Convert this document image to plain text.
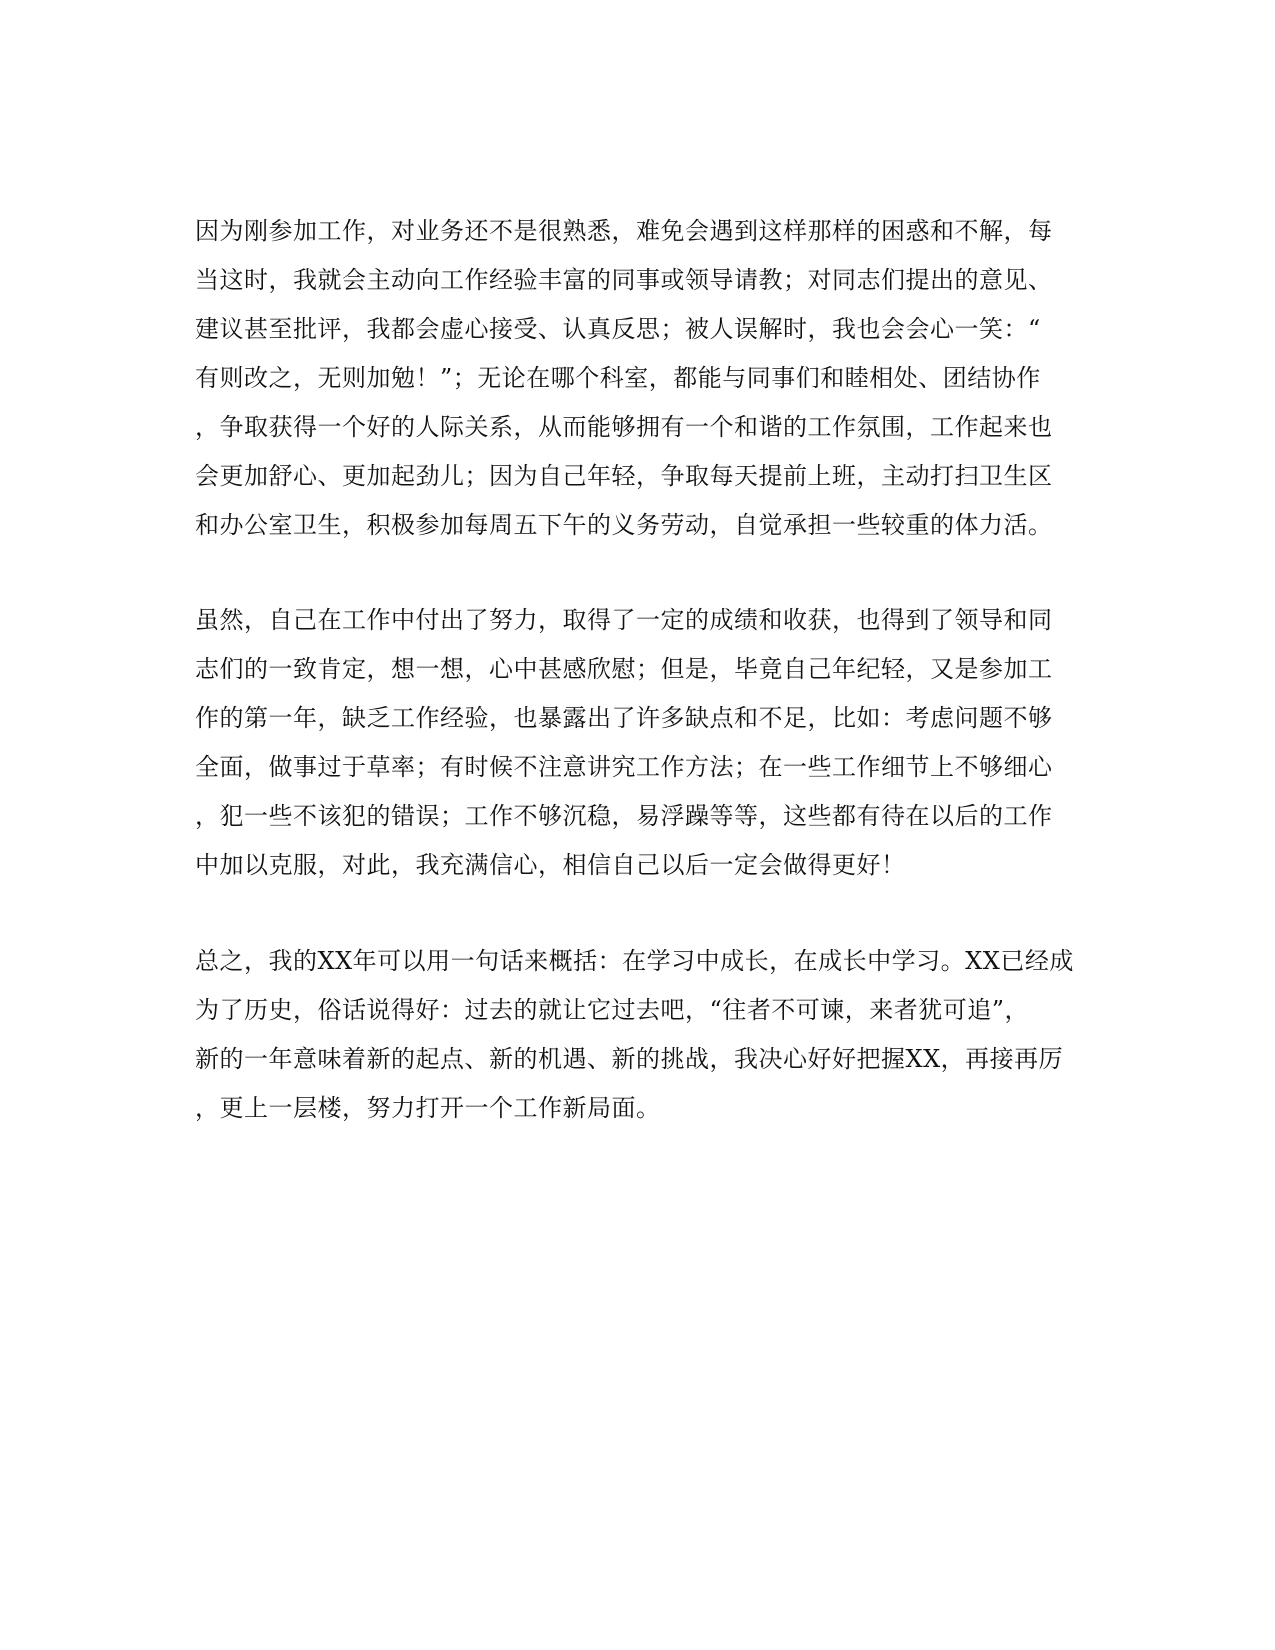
因为刚参加工作，对业务还不是很熟悉，难免会遇到这样那样的困惑和不解，每
当这时，我就会主动向工作经验丰富的同事或领导请教；对同志们提出的意见、
建议甚至批评，我都会虚心接受、认真反思；被人误解时，我也会会心一笑：“
有则改之，无则加勉！”；无论在哪个科室，都能与同事们和睦相处、团结协作
，争取获得一个好的人际关系，从而能够拥有一个和谐的工作氛围，工作起来也
会更加舒心、更加起劲儿；因为自己年轻，争取每天提前上班，主动打扫卫生区
和办公室卫生，积极参加每周五下午的义务劳动，自觉承担一些较重的体力活。
虽然，自己在工作中付出了努力，取得了一定的成绩和收获，也得到了领导和同
志们的一致肯定，想一想，心中甚感欣慰；但是，毕竟自己年纪轻，又是参加工
作的第一年，缺乏工作经验，也暴露出了许多缺点和不足，比如：考虑问题不够
全面，做事过于草率；有时候不注意讲究工作方法；在一些工作细节上不够细心
，犯一些不该犯的错误；工作不够沉稳，易浮躁等等，这些都有待在以后的工作
中加以克服，对此，我充满信心，相信自己以后一定会做得更好！
总之，我的XX年可以用一句话来概括：在学习中成长，在成长中学习。XX已经成
为了历史，俗话说得好：过去的就让它过去吧，“往者不可谏，来者犹可追”，
新的一年意味着新的起点、新的机遇、新的挑战，我决心好好把握XX，再接再厉
，更上一层楼，努力打开一个工作新局面。
